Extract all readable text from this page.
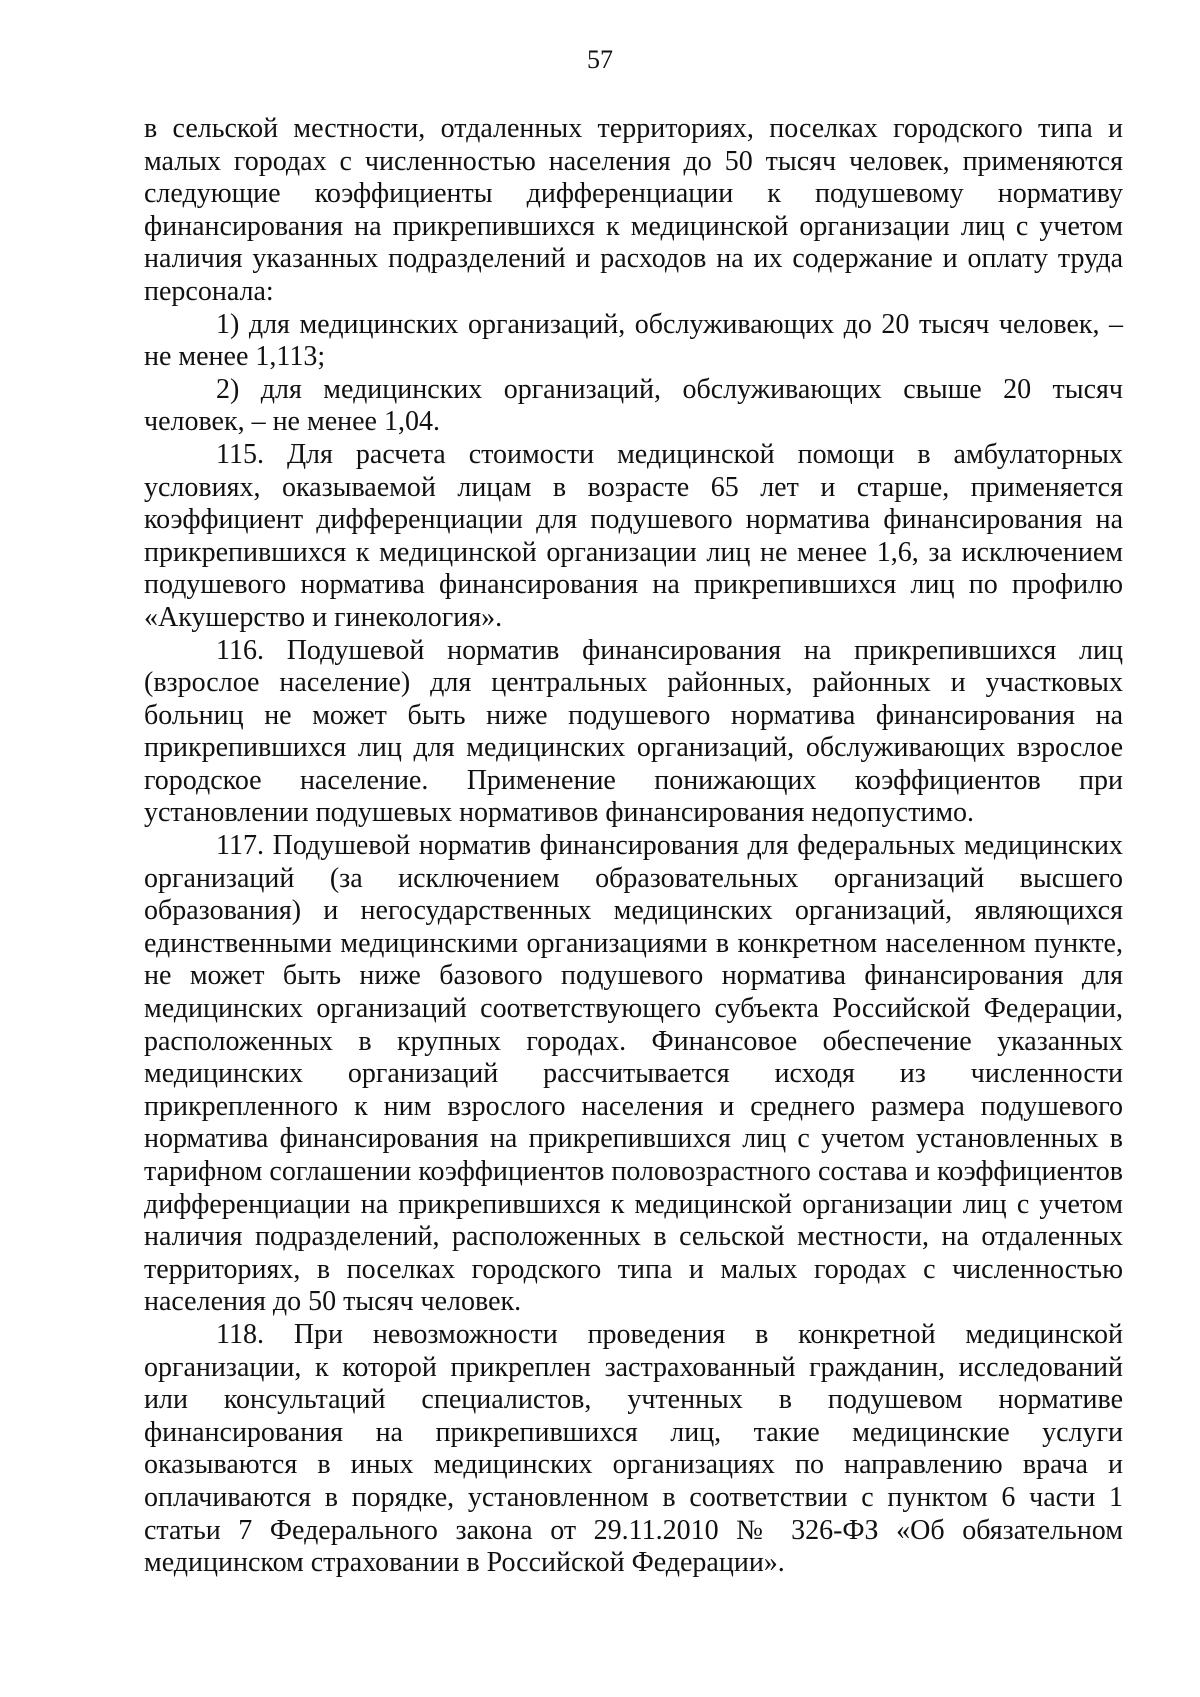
57

в сельской местности, отдаленных территориях, поселках городского типа и малых городах с численностью населения до 50 тысяч человек, применяются следующие коэффициенты дифференциации к подушевому нормативу финансирования на прикрепившихся к медицинской организации лиц с учетом наличия указанных подразделений и расходов на их содержание и оплату труда персонала:

1) для медицинских организаций, обслуживающих до 20 тысяч человек, – не менее 1,113;

2) для медицинских организаций, обслуживающих свыше 20 тысяч человек, – не менее 1,04.

115. Для расчета стоимости медицинской помощи в амбулаторных условиях, оказываемой лицам в возрасте 65 лет и старше, применяется коэффициент дифференциации для подушевого норматива финансирования на прикрепившихся к медицинской организации лиц не менее 1,6, за исключением подушевого норматива финансирования на прикрепившихся лиц по профилю «Акушерство и гинекология».

116. Подушевой норматив финансирования на прикрепившихся лиц (взрослое население) для центральных районных, районных и участковых больниц не может быть ниже подушевого норматива финансирования на прикрепившихся лиц для медицинских организаций, обслуживающих взрослое городское население. Применение понижающих коэффициентов при установлении подушевых нормативов финансирования недопустимо.

117. Подушевой норматив финансирования для федеральных медицинских организаций (за исключением образовательных организаций высшего образования) и негосударственных медицинских организаций, являющихся единственными медицинскими организациями в конкретном населенном пункте, не может быть ниже базового подушевого норматива финансирования для медицинских организаций соответствующего субъекта Российской Федерации, расположенных в крупных городах. Финансовое обеспечение указанных медицинских организаций рассчитывается исходя из численности прикрепленного к ним взрослого населения и среднего размера подушевого норматива финансирования на прикрепившихся лиц с учетом установленных в тарифном соглашении коэффициентов половозрастного состава и коэффициентов дифференциации на прикрепившихся к медицинской организации лиц с учетом наличия подразделений, расположенных в сельской местности, на отдаленных территориях, в поселках городского типа и малых городах с численностью населения до 50 тысяч человек.

118. При невозможности проведения в конкретной медицинской организации, к которой прикреплен застрахованный гражданин, исследований или консультаций специалистов, учтенных в подушевом нормативе финансирования на прикрепившихся лиц, такие медицинские услуги оказываются в иных медицинских организациях по направлению врача и оплачиваются в порядке, установленном в соответствии с пунктом 6 части 1 статьи 7 Федерального закона от 29.11.2010 № 326-ФЗ «Об обязательном медицинском страховании в Российской Федерации».
